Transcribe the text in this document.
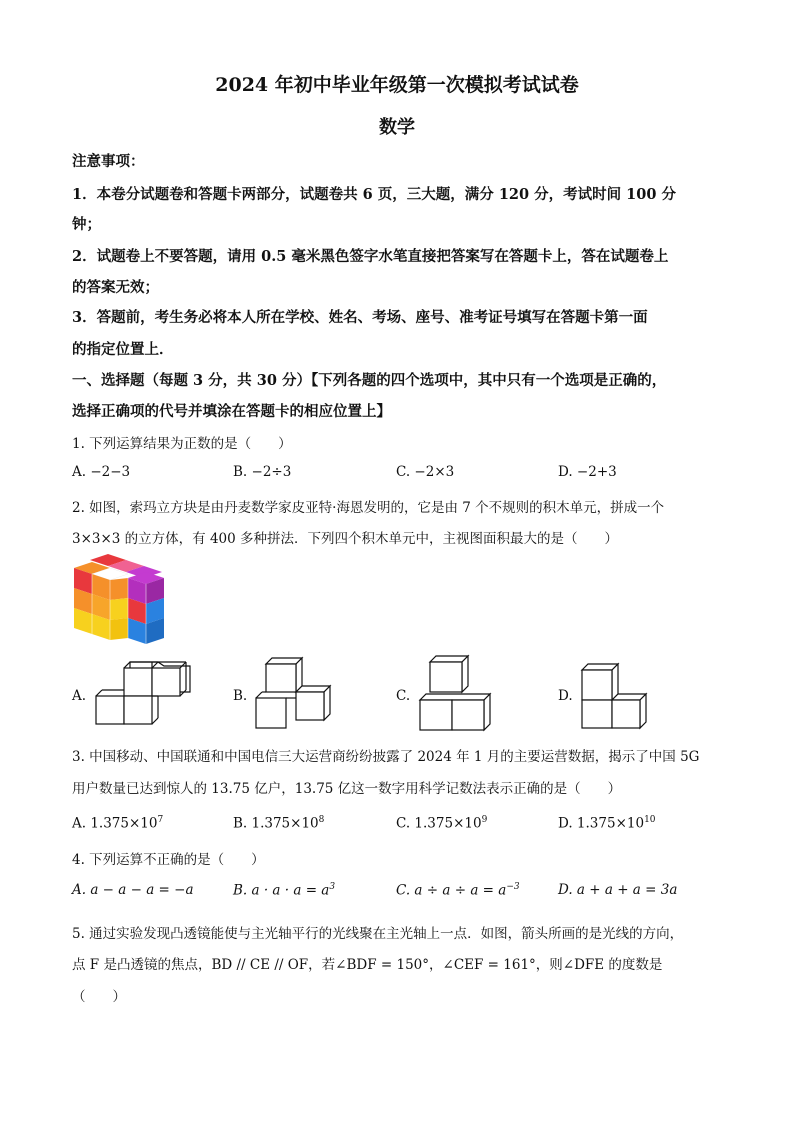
2024 年初中毕业年级第一次模拟考试试卷
数学
注意事项：
1．本卷分试题卷和答题卡两部分，试题卷共 6 页，三大题，满分 120 分，考试时间 100 分
钟；
2．试题卷上不要答题，请用 0.5 毫米黑色签字水笔直接把答案写在答题卡上，答在试题卷上
的答案无效；
3．答题前，考生务必将本人所在学校、姓名、考场、座号、准考证号填写在答题卡第一面
的指定位置上．
一、选择题（每题 3 分，共 30 分）【下列各题的四个选项中，其中只有一个选项是正确的，
选择正确项的代号并填涂在答题卡的相应位置上】
1. 下列运算结果为正数的是（　　）
A. −2−3	B. −2÷3	C. −2×3	D. −2+3
2. 如图，索玛立方块是由丹麦数学家皮亚特·海恩发明的，它是由 7 个不规则的积木单元，拼成一个
3×3×3 的立方体，有 400 多种拼法．下列四个积木单元中，主视图面积最大的是（　　）
A.	B.	C.	D.
3. 中国移动、中国联通和中国电信三大运营商纷纷披露了 2024 年 1 月的主要运营数据，揭示了中国 5G
用户数量已达到惊人的 13.75 亿户，13.75 亿这一数字用科学记数法表示正确的是（　　）
A. $1.375\times 10^7$	B. $1.375\times 10^8$	C. $1.375\times 10^9$	D. $1.375\times 10^{10}$
4. 下列运算不正确的是（　　）
A. a − a − a = −a	B. $a \cdot a \cdot a = a^3$	C. $a \div a \div a = a^{-3}$	D. a + a + a = 3a
5. 通过实验发现凸透镜能使与主光轴平行的光线聚在主光轴上一点．如图，箭头所画的是光线的方向，
点 F 是凸透镜的焦点，BD // CE // OF，若∠BDF = 150°，∠CEF = 161°，则∠DFE 的度数是
（　　）
